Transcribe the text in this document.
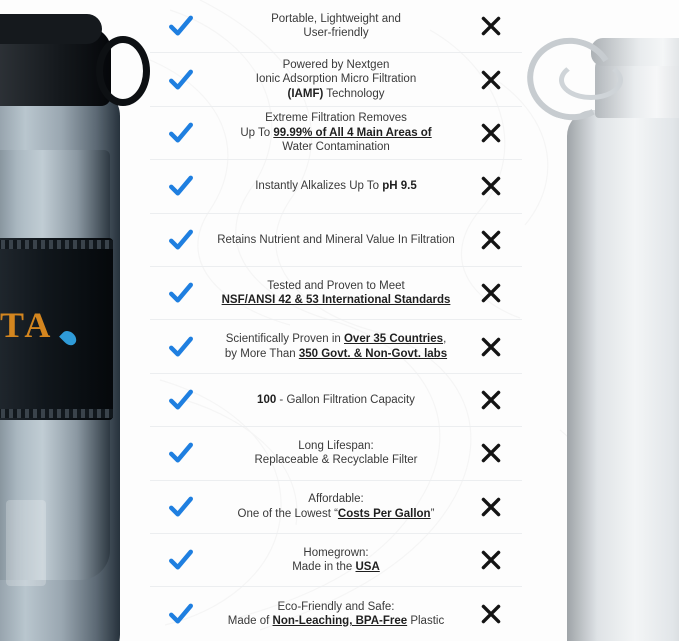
TA
Portable, Lightweight and
User-friendly
Powered by Nextgen
Ionic Adsorption Micro Filtration
(IAMF) Technology
Extreme Filtration Removes
Up To 99.99% of All 4 Main Areas of
Water Contamination
Instantly Alkalizes Up To pH 9.5
Retains Nutrient and Mineral Value In Filtration
Tested and Proven to Meet
NSF/ANSI 42 & 53 International Standards
Scientifically Proven in Over 35 Countries,
by More Than 350 Govt. & Non-Govt. labs
100 - Gallon Filtration Capacity
Long Lifespan:
Replaceable & Recyclable Filter
Affordable:
One of the Lowest “Costs Per Gallon”
Homegrown:
Made in the USA
Eco-Friendly and Safe:
Made of Non-Leaching, BPA-Free Plastic
